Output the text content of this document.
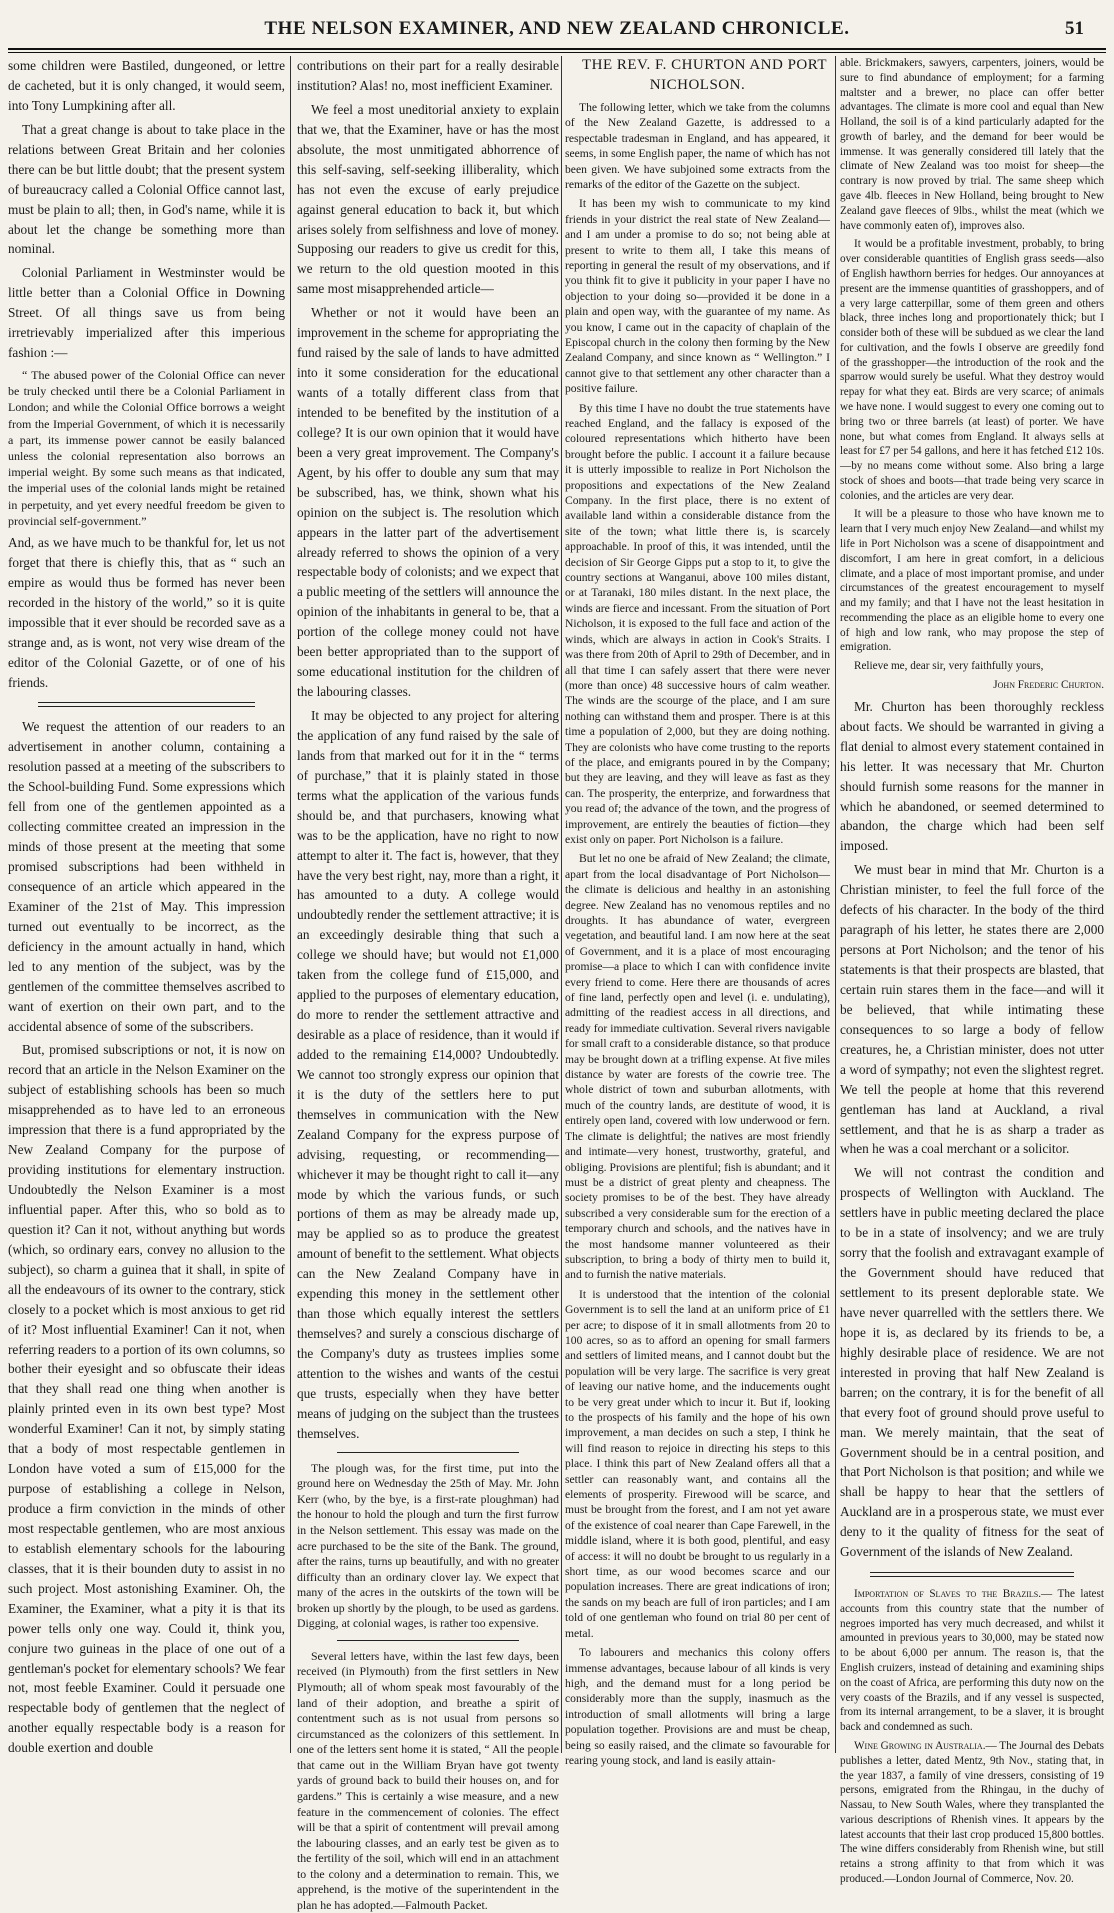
THE NELSON EXAMINER, AND NEW ZEALAND CHRONICLE.	51

some children were Bastiled, dungeoned, or lettre de cacheted, but it is only changed, it would seem, into Tony Lumpkining after all.

That a great change is about to take place in the relations between Great Britain and her colonies there can be but little doubt; that the present system of bureaucracy called a Colonial Office cannot last, must be plain to all; then, in God's name, while it is about let the change be something more than nominal.

Colonial Parliament in Westminster would be little better than a Colonial Office in Downing Street. Of all things save us from being irretrievably imperialized after this imperious fashion :—

“ The abused power of the Colonial Office can never be truly checked until there be a Colonial Parliament in London; and while the Colonial Office borrows a weight from the Imperial Government, of which it is necessarily a part, its immense power cannot be easily balanced unless the colonial representation also borrows an imperial weight. By some such means as that indicated, the imperial uses of the colonial lands might be retained in perpetuity, and yet every needful freedom be given to provincial self-government.”

And, as we have much to be thankful for, let us not forget that there is chiefly this, that as “ such an empire as would thus be formed has never been recorded in the history of the world,” so it is quite impossible that it ever should be recorded save as a strange and, as is wont, not very wise dream of the editor of the Colonial Gazette, or of one of his friends.

We request the attention of our readers to an advertisement in another column, containing a resolution passed at a meeting of the subscribers to the School-building Fund. Some expressions which fell from one of the gentlemen appointed as a collecting committee created an impression in the minds of those present at the meeting that some promised subscriptions had been withheld in consequence of an article which appeared in the Examiner of the 21st of May. This impression turned out eventually to be incorrect, as the deficiency in the amount actually in hand, which led to any mention of the subject, was by the gentlemen of the committee themselves ascribed to want of exertion on their own part, and to the accidental absence of some of the subscribers.

But, promised subscriptions or not, it is now on record that an article in the Nelson Examiner on the subject of establishing schools has been so much misapprehended as to have led to an erroneous impression that there is a fund appropriated by the New Zealand Company for the purpose of providing institutions for elementary instruction. Undoubtedly the Nelson Examiner is a most influential paper. After this, who so bold as to question it? Can it not, without anything but words (which, so ordinary ears, convey no allusion to the subject), so charm a guinea that it shall, in spite of all the endeavours of its owner to the contrary, stick closely to a pocket which is most anxious to get rid of it? Most influential Examiner! Can it not, when referring readers to a portion of its own columns, so bother their eyesight and so obfuscate their ideas that they shall read one thing when another is plainly printed even in its own best type? Most wonderful Examiner! Can it not, by simply stating that a body of most respectable gentlemen in London have voted a sum of £15,000 for the purpose of establishing a college in Nelson, produce a firm conviction in the minds of other most respectable gentlemen, who are most anxious to establish elementary schools for the labouring classes, that it is their bounden duty to assist in no such project. Most astonishing Examiner. Oh, the Examiner, the Examiner, what a pity it is that its power tells only one way. Could it, think you, conjure two guineas in the place of one out of a gentleman's pocket for elementary schools? We fear not, most feeble Examiner. Could it persuade one respectable body of gentlemen that the neglect of another equally respectable body is a reason for double exertion and double

contributions on their part for a really desirable institution? Alas! no, most inefficient Examiner.

We feel a most uneditorial anxiety to explain that we, that the Examiner, have or has the most absolute, the most unmitigated abhorrence of this self-saving, self-seeking illiberality, which has not even the excuse of early prejudice against general education to back it, but which arises solely from selfishness and love of money. Supposing our readers to give us credit for this, we return to the old question mooted in this same most misapprehended article—

Whether or not it would have been an improvement in the scheme for appropriating the fund raised by the sale of lands to have admitted into it some consideration for the educational wants of a totally different class from that intended to be benefited by the institution of a college? It is our own opinion that it would have been a very great improvement. The Company's Agent, by his offer to double any sum that may be subscribed, has, we think, shown what his opinion on the subject is. The resolution which appears in the latter part of the advertisement already referred to shows the opinion of a very respectable body of colonists; and we expect that a public meeting of the settlers will announce the opinion of the inhabitants in general to be, that a portion of the college money could not have been better appropriated than to the support of some educational institution for the children of the labouring classes.

It may be objected to any project for altering the application of any fund raised by the sale of lands from that marked out for it in the “ terms of purchase,” that it is plainly stated in those terms what the application of the various funds should be, and that purchasers, knowing what was to be the application, have no right to now attempt to alter it. The fact is, however, that they have the very best right, nay, more than a right, it has amounted to a duty. A college would undoubtedly render the settlement attractive; it is an exceedingly desirable thing that such a college we should have; but would not £1,000 taken from the college fund of £15,000, and applied to the purposes of elementary education, do more to render the settlement attractive and desirable as a place of residence, than it would if added to the remaining £14,000? Undoubtedly. We cannot too strongly express our opinion that it is the duty of the settlers here to put themselves in communication with the New Zealand Company for the express purpose of advising, requesting, or recommending—whichever it may be thought right to call it—any mode by which the various funds, or such portions of them as may be already made up, may be applied so as to produce the greatest amount of benefit to the settlement. What objects can the New Zealand Company have in expending this money in the settlement other than those which equally interest the settlers themselves? and surely a conscious discharge of the Company's duty as trustees implies some attention to the wishes and wants of the cestui que trusts, especially when they have better means of judging on the subject than the trustees themselves.

The plough was, for the first time, put into the ground here on Wednesday the 25th of May. Mr. John Kerr (who, by the bye, is a first-rate ploughman) had the honour to hold the plough and turn the first furrow in the Nelson settlement. This essay was made on the acre purchased to be the site of the Bank. The ground, after the rains, turns up beautifully, and with no greater difficulty than an ordinary clover lay. We expect that many of the acres in the outskirts of the town will be broken up shortly by the plough, to be used as gardens. Digging, at colonial wages, is rather too expensive.

Several letters have, within the last few days, been received (in Plymouth) from the first settlers in New Plymouth; all of whom speak most favourably of the land of their adoption, and breathe a spirit of contentment such as is not usual from persons so circumstanced as the colonizers of this settlement. In one of the letters sent home it is stated, “ All the people that came out in the William Bryan have got twenty yards of ground back to build their houses on, and for gardens.” This is certainly a wise measure, and a new feature in the commencement of colonies. The effect will be that a spirit of contentment will prevail among the labouring classes, and an early test be given as to the fertility of the soil, which will end in an attachment to the colony and a determination to remain. This, we apprehend, is the motive of the superintendent in the plan he has adopted.—Falmouth Packet.

THE REV. F. CHURTON AND PORT NICHOLSON.

The following letter, which we take from the columns of the New Zealand Gazette, is addressed to a respectable tradesman in England, and has appeared, it seems, in some English paper, the name of which has not been given. We have subjoined some extracts from the remarks of the editor of the Gazette on the subject.

It has been my wish to communicate to my kind friends in your district the real state of New Zealand—and I am under a promise to do so; not being able at present to write to them all, I take this means of reporting in general the result of my observations, and if you think fit to give it publicity in your paper I have no objection to your doing so—provided it be done in a plain and open way, with the guarantee of my name. As you know, I came out in the capacity of chaplain of the Episcopal church in the colony then forming by the New Zealand Company, and since known as “ Wellington.” I cannot give to that settlement any other character than a positive failure.

By this time I have no doubt the true statements have reached England, and the fallacy is exposed of the coloured representations which hitherto have been brought before the public. I account it a failure because it is utterly impossible to realize in Port Nicholson the propositions and expectations of the New Zealand Company. In the first place, there is no extent of available land within a considerable distance from the site of the town; what little there is, is scarcely approachable. In proof of this, it was intended, until the decision of Sir George Gipps put a stop to it, to give the country sections at Wanganui, above 100 miles distant, or at Taranaki, 180 miles distant. In the next place, the winds are fierce and incessant. From the situation of Port Nicholson, it is exposed to the full face and action of the winds, which are always in action in Cook's Straits. I was there from 20th of April to 29th of December, and in all that time I can safely assert that there were never (more than once) 48 successive hours of calm weather. The winds are the scourge of the place, and I am sure nothing can withstand them and prosper. There is at this time a population of 2,000, but they are doing nothing. They are colonists who have come trusting to the reports of the place, and emigrants poured in by the Company; but they are leaving, and they will leave as fast as they can. The prosperity, the enterprize, and forwardness that you read of; the advance of the town, and the progress of improvement, are entirely the beauties of fiction—they exist only on paper. Port Nicholson is a failure.

But let no one be afraid of New Zealand; the climate, apart from the local disadvantage of Port Nicholson—the climate is delicious and healthy in an astonishing degree. New Zealand has no venomous reptiles and no droughts. It has abundance of water, evergreen vegetation, and beautiful land. I am now here at the seat of Government, and it is a place of most encouraging promise—a place to which I can with confidence invite every friend to come. Here there are thousands of acres of fine land, perfectly open and level (i. e. undulating), admitting of the readiest access in all directions, and ready for immediate cultivation. Several rivers navigable for small craft to a considerable distance, so that produce may be brought down at a trifling expense. At five miles distance by water are forests of the cowrie tree. The whole district of town and suburban allotments, with much of the country lands, are destitute of wood, it is entirely open land, covered with low underwood or fern. The climate is delightful; the natives are most friendly and intimate—very honest, trustworthy, grateful, and obliging. Provisions are plentiful; fish is abundant; and it must be a district of great plenty and cheapness. The society promises to be of the best. They have already subscribed a very considerable sum for the erection of a temporary church and schools, and the natives have in the most handsome manner volunteered as their subscription, to bring a body of thirty men to build it, and to furnish the native materials.

It is understood that the intention of the colonial Government is to sell the land at an uniform price of £1 per acre; to dispose of it in small allotments from 20 to 100 acres, so as to afford an opening for small farmers and settlers of limited means, and I cannot doubt but the population will be very large. The sacrifice is very great of leaving our native home, and the inducements ought to be very great under which to incur it. But if, looking to the prospects of his family and the hope of his own improvement, a man decides on such a step, I think he will find reason to rejoice in directing his steps to this place. I think this part of New Zealand offers all that a settler can reasonably want, and contains all the elements of prosperity. Firewood will be scarce, and must be brought from the forest, and I am not yet aware of the existence of coal nearer than Cape Farewell, in the middle island, where it is both good, plentiful, and easy of access: it will no doubt be brought to us regularly in a short time, as our wood becomes scarce and our population increases. There are great indications of iron; the sands on my beach are full of iron particles; and I am told of one gentleman who found on trial 80 per cent of metal.

To labourers and mechanics this colony offers immense advantages, because labour of all kinds is very high, and the demand must for a long period be considerably more than the supply, inasmuch as the introduction of small allotments will bring a large population together. Provisions are and must be cheap, being so easily raised, and the climate so favourable for rearing young stock, and land is easily attain-

able. Brickmakers, sawyers, carpenters, joiners, would be sure to find abundance of employment; for a farming maltster and a brewer, no place can offer better advantages. The climate is more cool and equal than New Holland, the soil is of a kind particularly adapted for the growth of barley, and the demand for beer would be immense. It was generally considered till lately that the climate of New Zealand was too moist for sheep—the contrary is now proved by trial. The same sheep which gave 4lb. fleeces in New Holland, being brought to New Zealand gave fleeces of 9lbs., whilst the meat (which we have commonly eaten of), improves also.

It would be a profitable investment, probably, to bring over considerable quantities of English grass seeds—also of English hawthorn berries for hedges. Our annoyances at present are the immense quantities of grasshoppers, and of a very large catterpillar, some of them green and others black, three inches long and proportionately thick; but I consider both of these will be subdued as we clear the land for cultivation, and the fowls I observe are greedily fond of the grasshopper—the introduction of the rook and the sparrow would surely be useful. What they destroy would repay for what they eat. Birds are very scarce; of animals we have none. I would suggest to every one coming out to bring two or three barrels (at least) of porter. We have none, but what comes from England. It always sells at least for £7 per 54 gallons, and here it has fetched £12 10s.—by no means come without some. Also bring a large stock of shoes and boots—that trade being very scarce in colonies, and the articles are very dear.

It will be a pleasure to those who have known me to learn that I very much enjoy New Zealand—and whilst my life in Port Nicholson was a scene of disappointment and discomfort, I am here in great comfort, in a delicious climate, and a place of most important promise, and under circumstances of the greatest encouragement to myself and my family; and that I have not the least hesitation in recommending the place as an eligible home to every one of high and low rank, who may propose the step of emigration.

Relieve me, dear sir, very faithfully yours,

John Frederic Churton.

Mr. Churton has been thoroughly reckless about facts. We should be warranted in giving a flat denial to almost every statement contained in his letter. It was necessary that Mr. Churton should furnish some reasons for the manner in which he abandoned, or seemed determined to abandon, the charge which had been self imposed.

We must bear in mind that Mr. Churton is a Christian minister, to feel the full force of the defects of his character. In the body of the third paragraph of his letter, he states there are 2,000 persons at Port Nicholson; and the tenor of his statements is that their prospects are blasted, that certain ruin stares them in the face—and will it be believed, that while intimating these consequences to so large a body of fellow creatures, he, a Christian minister, does not utter a word of sympathy; not even the slightest regret. We tell the people at home that this reverend gentleman has land at Auckland, a rival settlement, and that he is as sharp a trader as when he was a coal merchant or a solicitor.

We will not contrast the condition and prospects of Wellington with Auckland. The settlers have in public meeting declared the place to be in a state of insolvency; and we are truly sorry that the foolish and extravagant example of the Government should have reduced that settlement to its present deplorable state. We have never quarrelled with the settlers there. We hope it is, as declared by its friends to be, a highly desirable place of residence. We are not interested in proving that half New Zealand is barren; on the contrary, it is for the benefit of all that every foot of ground should prove useful to man. We merely maintain, that the seat of Government should be in a central position, and that Port Nicholson is that position; and while we shall be happy to hear that the settlers of Auckland are in a prosperous state, we must ever deny to it the quality of fitness for the seat of Government of the islands of New Zealand.

Importation of Slaves to the Brazils.— The latest accounts from this country state that the number of negroes imported has very much decreased, and whilst it amounted in previous years to 30,000, may be stated now to be about 6,000 per annum. The reason is, that the English cruizers, instead of detaining and examining ships on the coast of Africa, are performing this duty now on the very coasts of the Brazils, and if any vessel is suspected, from its internal arrangement, to be a slaver, it is brought back and condemned as such.

Wine Growing in Australia.— The Journal des Debats publishes a letter, dated Mentz, 9th Nov., stating that, in the year 1837, a family of vine dressers, consisting of 19 persons, emigrated from the Rhingau, in the duchy of Nassau, to New South Wales, where they transplanted the various descriptions of Rhenish vines. It appears by the latest accounts that their last crop produced 15,800 bottles. The wine differs considerably from Rhenish wine, but still retains a strong affinity to that from which it was produced.—London Journal of Commerce, Nov. 20.
